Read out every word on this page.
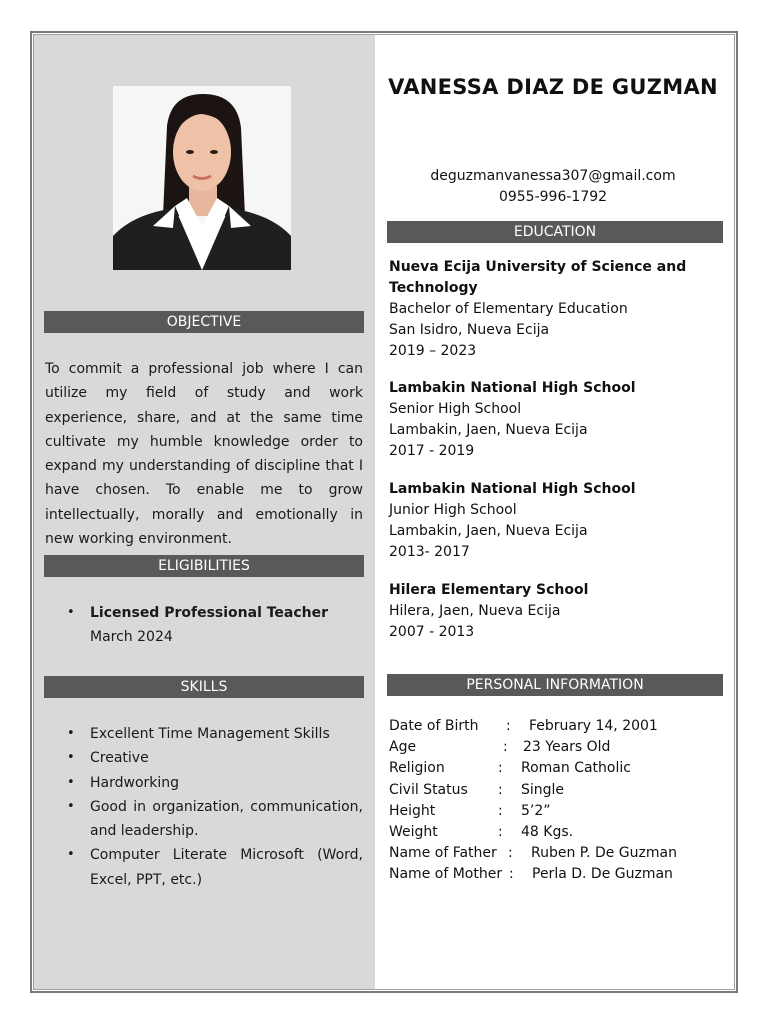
OBJECTIVE
To commit a professional job where I can utilize my field of study and work experience, share, and at the same time cultivate my humble knowledge order to expand my understanding of discipline that I have chosen. To enable me to grow intellectually, morally and emotionally in new working environment.
ELIGIBILITIES
• Licensed Professional Teacher
March 2024
SKILLS
• Excellent Time Management Skills
• Creative
• Hardworking
• Good in organization, communication, and leadership.
• Computer Literate Microsoft (Word, Excel, PPT, etc.)
VANESSA DIAZ DE GUZMAN
deguzmanvanessa307@gmail.com
0955-996-1792
EDUCATION
Nueva Ecija University of Science and Technology
Bachelor of Elementary Education
San Isidro, Nueva Ecija
2019 – 2023
Lambakin National High School
Senior High School
Lambakin, Jaen, Nueva Ecija
2017 - 2019
Lambakin National High School
Junior High School
Lambakin, Jaen, Nueva Ecija
2013- 2017
Hilera Elementary School
Hilera, Jaen, Nueva Ecija
2007 - 2013
PERSONAL INFORMATION
Date of Birth : February 14, 2001
Age	: 23 Years Old
Religion	: Roman Catholic
Civil Status : Single
Height	: 5’2”
Weight	: 48 Kgs.
Name of Father : Ruben P. De Guzman
Name of Mother : Perla D. De Guzman
